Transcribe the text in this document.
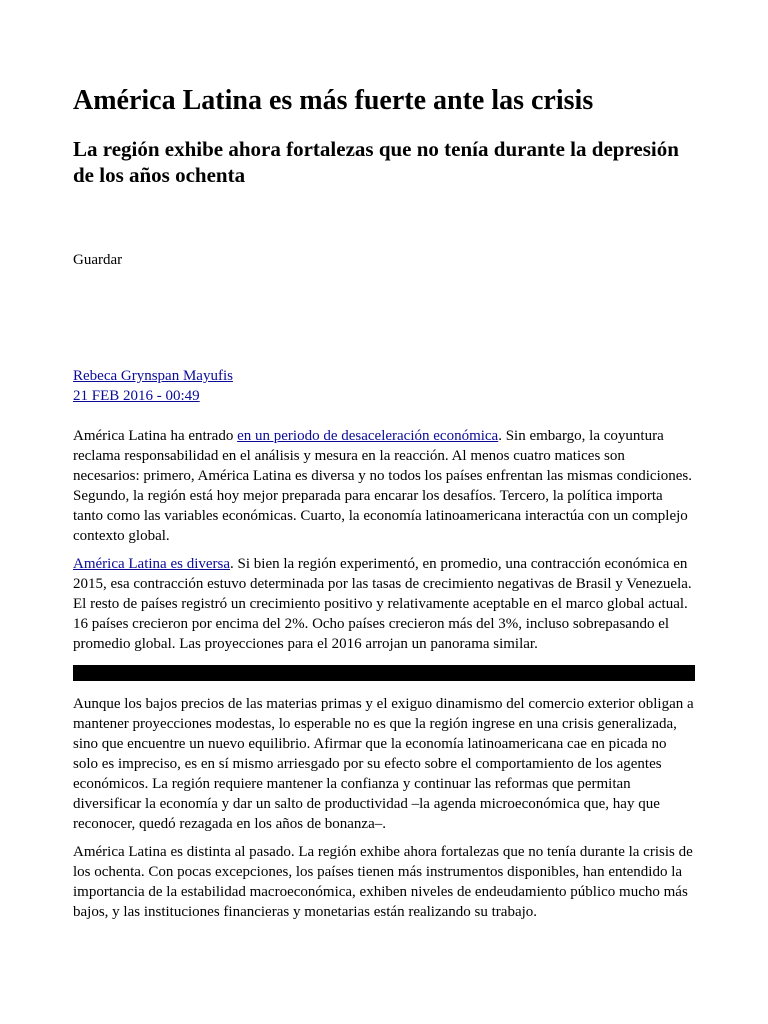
América Latina es más fuerte ante las crisis
La región exhibe ahora fortalezas que no tenía durante la depresión de los años ochenta
Guardar
Rebeca Grynspan Mayufis
21 FEB 2016 - 00:49

América Latina ha entrado en un periodo de desaceleración económica. Sin embargo, la coyuntura reclama responsabilidad en el análisis y mesura en la reacción. Al menos cuatro matices son necesarios: primero, América Latina es diversa y no todos los países enfrentan las mismas condiciones. Segundo, la región está hoy mejor preparada para encarar los desafíos. Tercero, la política importa tanto como las variables económicas. Cuarto, la economía latinoamericana interactúa con un complejo contexto global.

América Latina es diversa. Si bien la región experimentó, en promedio, una contracción económica en 2015, esa contracción estuvo determinada por las tasas de crecimiento negativas de Brasil y Venezuela. El resto de países registró un crecimiento positivo y relativamente aceptable en el marco global actual. 16 países crecieron por encima del 2%. Ocho países crecieron más del 3%, incluso sobrepasando el promedio global. Las proyecciones para el 2016 arrojan un panorama similar.

Aunque los bajos precios de las materias primas y el exiguo dinamismo del comercio exterior obligan a mantener proyecciones modestas, lo esperable no es que la región ingrese en una crisis generalizada, sino que encuentre un nuevo equilibrio. Afirmar que la economía latinoamericana cae en picada no solo es impreciso, es en sí mismo arriesgado por su efecto sobre el comportamiento de los agentes económicos. La región requiere mantener la confianza y continuar las reformas que permitan diversificar la economía y dar un salto de productividad –la agenda microeconómica que, hay que reconocer, quedó rezagada en los años de bonanza–.

América Latina es distinta al pasado. La región exhibe ahora fortalezas que no tenía durante la crisis de los ochenta. Con pocas excepciones, los países tienen más instrumentos disponibles, han entendido la importancia de la estabilidad macroeconómica, exhiben niveles de endeudamiento público mucho más bajos, y las instituciones financieras y monetarias están realizando su trabajo.
